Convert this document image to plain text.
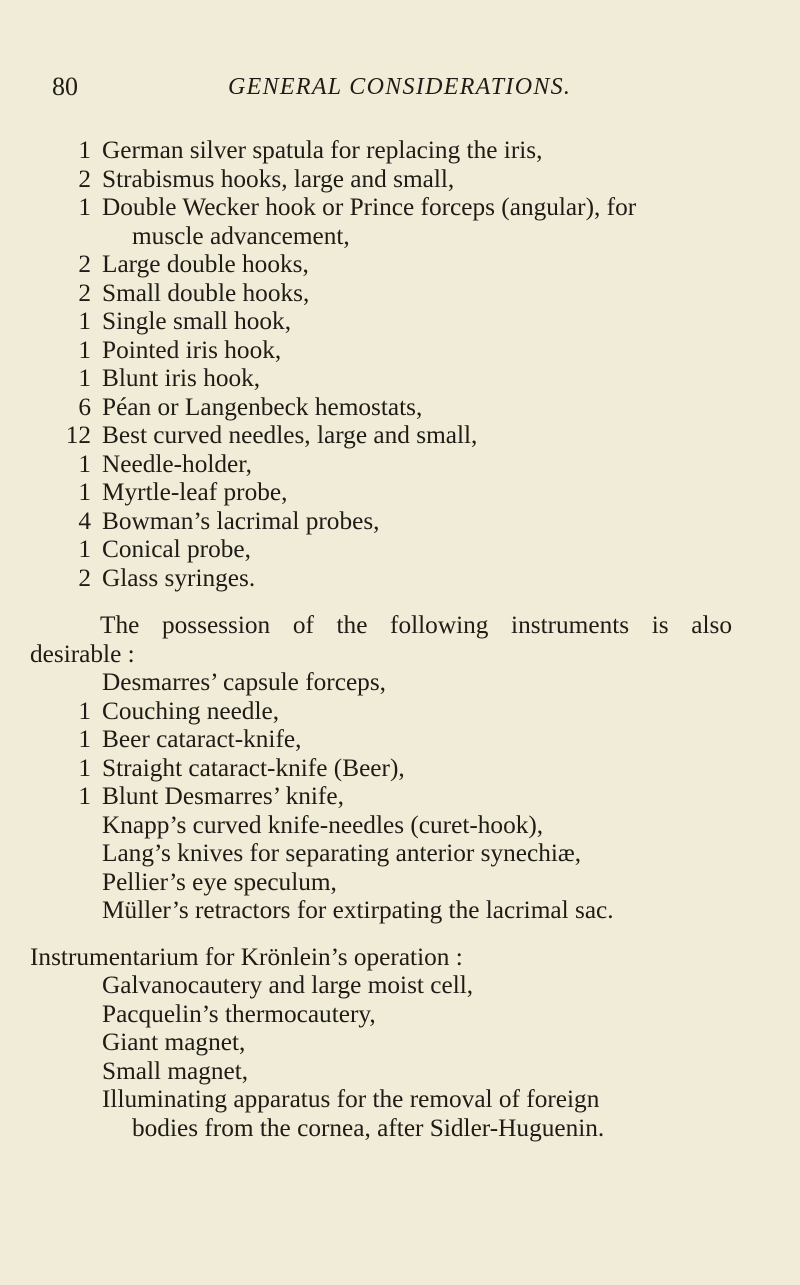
80	GENERAL CONSIDERATIONS.
1 German silver spatula for replacing the iris,
2 Strabismus hooks, large and small,
1 Double Wecker hook or Prince forceps (angular), for
muscle advancement,
2 Large double hooks,
2 Small double hooks,
1 Single small hook,
1 Pointed iris hook,
1 Blunt iris hook,
6 Péan or Langenbeck hemostats,
12 Best curved needles, large and small,
1 Needle-holder,
1 Myrtle-leaf probe,
4 Bowman’s lacrimal probes,
1 Conical probe,
2 Glass syringes.
The possession of the following instruments is also
desirable :
Desmarres’ capsule forceps,
1 Couching needle,
1 Beer cataract-knife,
1 Straight cataract-knife (Beer),
1 Blunt Desmarres’ knife,
Knapp’s curved knife-needles (curet-hook),
Lang’s knives for separating anterior synechiæ,
Pellier’s eye speculum,
Müller’s retractors for extirpating the lacrimal sac.
Instrumentarium for Krönlein’s operation :
Galvanocautery and large moist cell,
Pacquelin’s thermocautery,
Giant magnet,
Small magnet,
Illuminating apparatus for the removal of foreign
bodies from the cornea, after Sidler-Huguenin.
